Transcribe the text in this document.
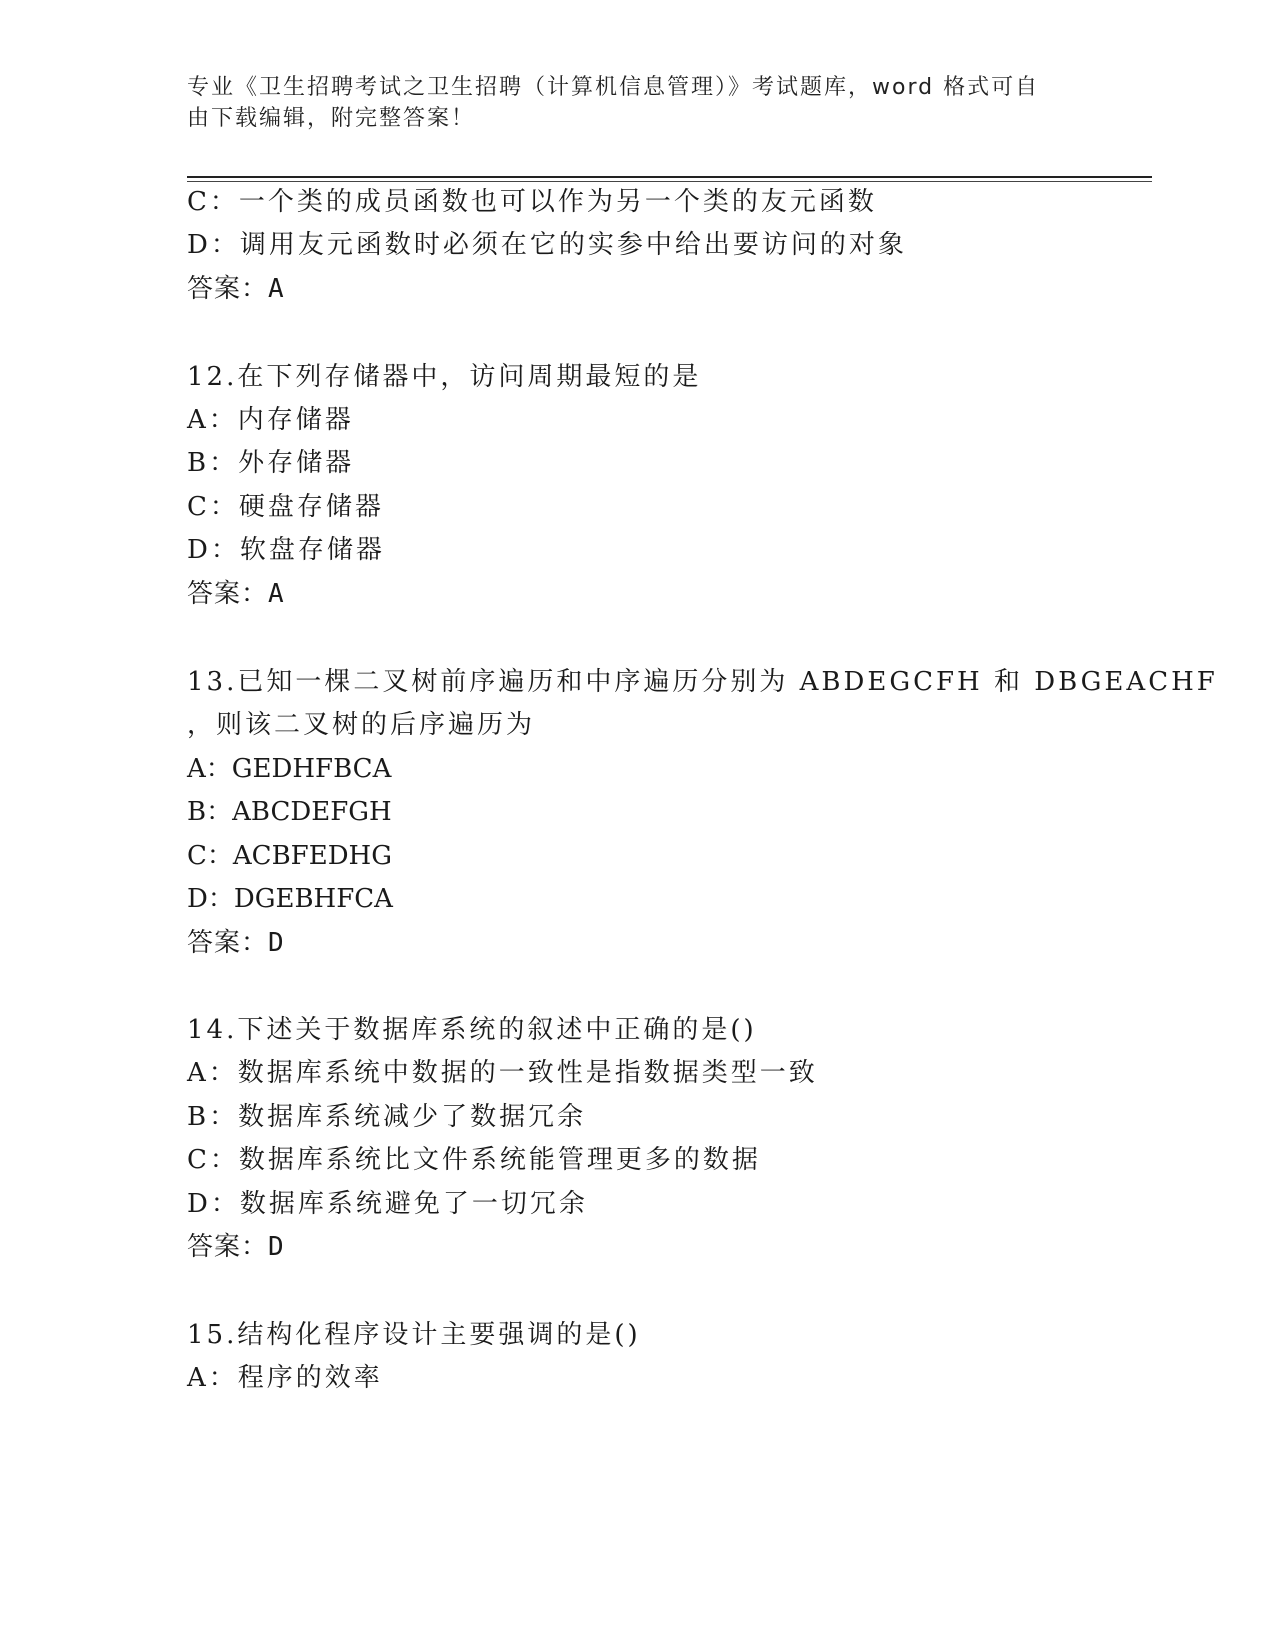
专业《卫生招聘考试之卫生招聘（计算机信息管理）》考试题库，word 格式可自
由下载编辑，附完整答案！
C：一个类的成员函数也可以作为另一个类的友元函数
D：调用友元函数时必须在它的实参中给出要访问的对象
答案：A
12.在下列存储器中，访问周期最短的是
A：内存储器
B：外存储器
C：硬盘存储器
D：软盘存储器
答案：A
13.已知一棵二叉树前序遍历和中序遍历分别为 ABDEGCFH 和 DBGEACHF
，则该二叉树的后序遍历为
A：GEDHFBCA
B：ABCDEFGH
C：ACBFEDHG
D：DGEBHFCA
答案：D
14.下述关于数据库系统的叙述中正确的是()
A：数据库系统中数据的一致性是指数据类型一致
B：数据库系统减少了数据冗余
C：数据库系统比文件系统能管理更多的数据
D：数据库系统避免了一切冗余
答案：D
15.结构化程序设计主要强调的是()
A：程序的效率
